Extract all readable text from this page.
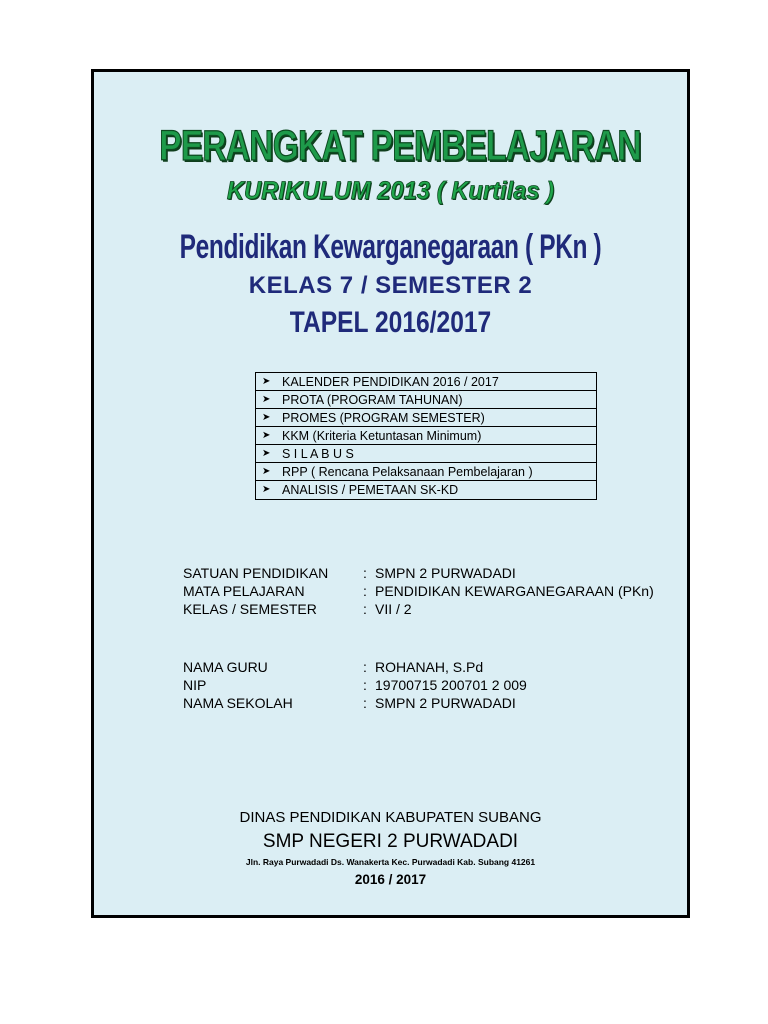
PERANGKAT PEMBELAJARAN
KURIKULUM 2013 ( Kurtilas )
Pendidikan Kewarganegaraan ( PKn )
KELAS 7 / SEMESTER 2
TAPEL 2016/2017
➤ KALENDER PENDIDIKAN 2016 / 2017
➤ PROTA (PROGRAM TAHUNAN)
➤ PROMES (PROGRAM SEMESTER)
➤ KKM (Kriteria Ketuntasan Minimum)
➤ S I L A B U S
➤ RPP ( Rencana Pelaksanaan Pembelajaran )
➤ ANALISIS / PEMETAAN SK-KD
SATUAN PENDIDIKAN	: SMPN 2 PURWADADI
MATA PELAJARAN	: PENDIDIKAN KEWARGANEGARAAN (PKn)
KELAS / SEMESTER	: VII / 2
NAMA GURU	: ROHANAH, S.Pd
NIP	: 19700715 200701 2 009
NAMA SEKOLAH	: SMPN 2 PURWADADI
DINAS PENDIDIKAN KABUPATEN SUBANG
SMP NEGERI 2 PURWADADI
Jln. Raya Purwadadi Ds. Wanakerta Kec. Purwadadi Kab. Subang 41261
2016 / 2017
